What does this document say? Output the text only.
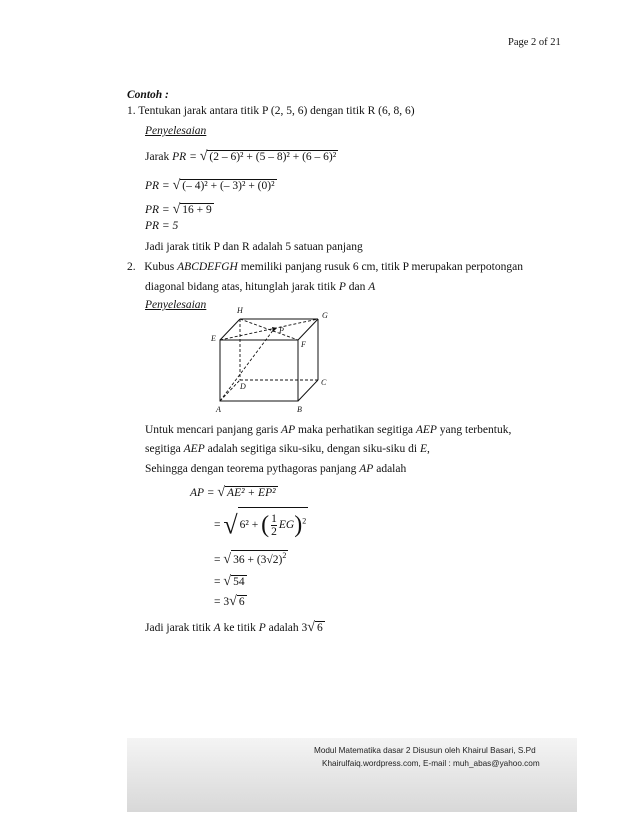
Page 2 of 21
Contoh :
1. Tentukan jarak antara titik P (2, 5, 6) dengan titik R (6, 8, 6)
Penyelesaian
Jarak PR = √ (2 – 6)² + (5 – 8)² + (6 – 6)²
PR = √ (– 4)² + (– 3)² + (0)²
PR = √ 16 + 9
PR = 5
Jadi jarak titik P dan R adalah 5 satuan panjang
2. Kubus ABCDEFGH memiliki panjang rusuk 6 cm, titik P merupakan perpotongan
diagonal bidang atas, hitunglah jarak titik P dan A
Penyelesaian	H
G
E
F
P
D	C
A	B
Untuk mencari panjang garis AP maka perhatikan segitiga AEP yang terbentuk,
segitiga AEP adalah segitiga siku-siku, dengan siku-siku di E,
Sehingga dengan teorema pythagoras panjang AP adalah
AP = √ AE² + EP²
= √ 6² + ( $\frac{1}{2} EG)^2$
= √ $36 + (3√2)^2$
= √ 54
= 3√ 6
Jadi jarak titik A ke titik P adalah 3√ 6
Modul Matematika dasar 2 Disusun oleh Khairul Basari, S.Pd
Khairulfaiq.wordpress.com, E-mail : muh_abas@yahoo.com
